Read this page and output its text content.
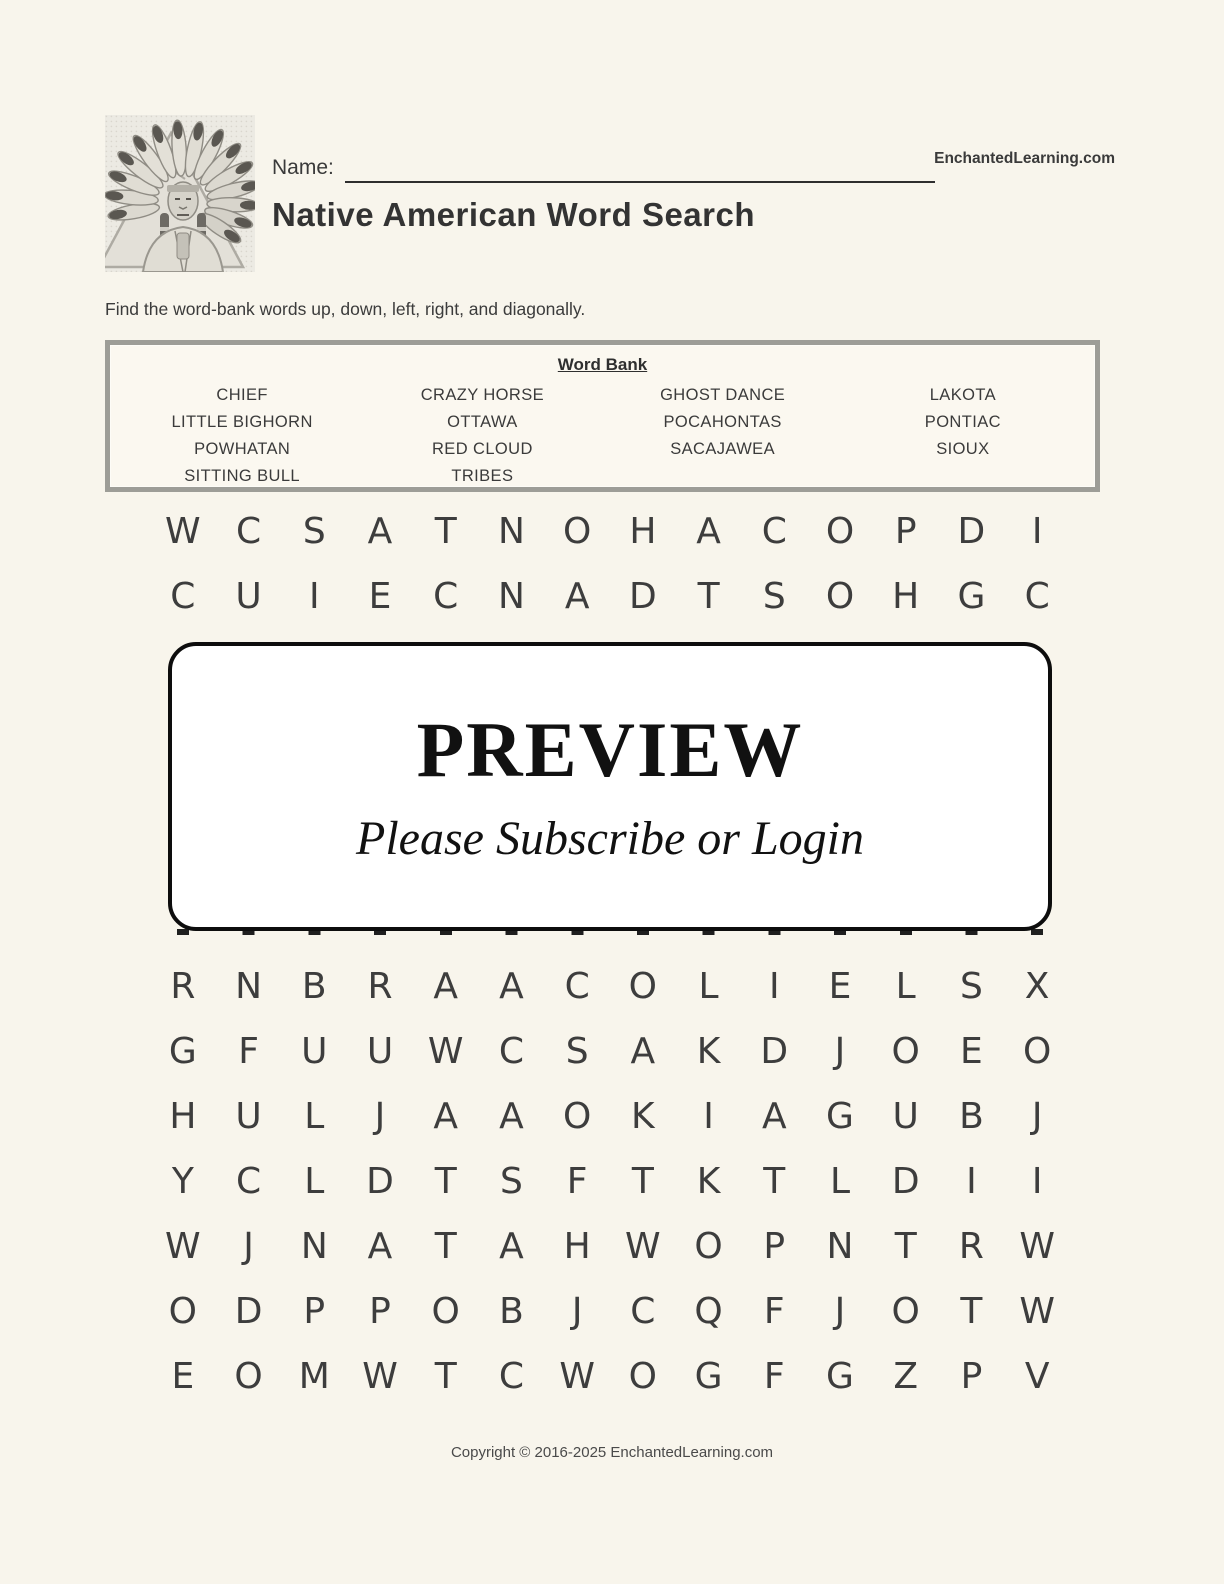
Name:	EnchantedLearning.com
Native American Word Search

Find the word-bank words up, down, left, right, and diagonally.

Word Bank
CHIEF
LITTLE BIGHORN
POWHATAN
SITTING BULL
CRAZY HORSE
OTTAWA
RED CLOUD
TRIBES
GHOST DANCE
POCAHONTAS
SACAJAWEA
LAKOTA
PONTIAC
SIOUX
W C S A T N O H A C O P D I
C U I E C N A D T S O H G C
R N B R A A C O L I E L S X
G F U U W C S A K D J O E O
H U L J A A O K I A G U B J
Y C L D T S F T K T L D I I
W J N A T A H W O P N T R W
O D P P O B J C Q F J O T W
E O M W T C W O G F G Z P V
PREVIEW
Please Subscribe or Login
Copyright © 2016-2025 EnchantedLearning.com
